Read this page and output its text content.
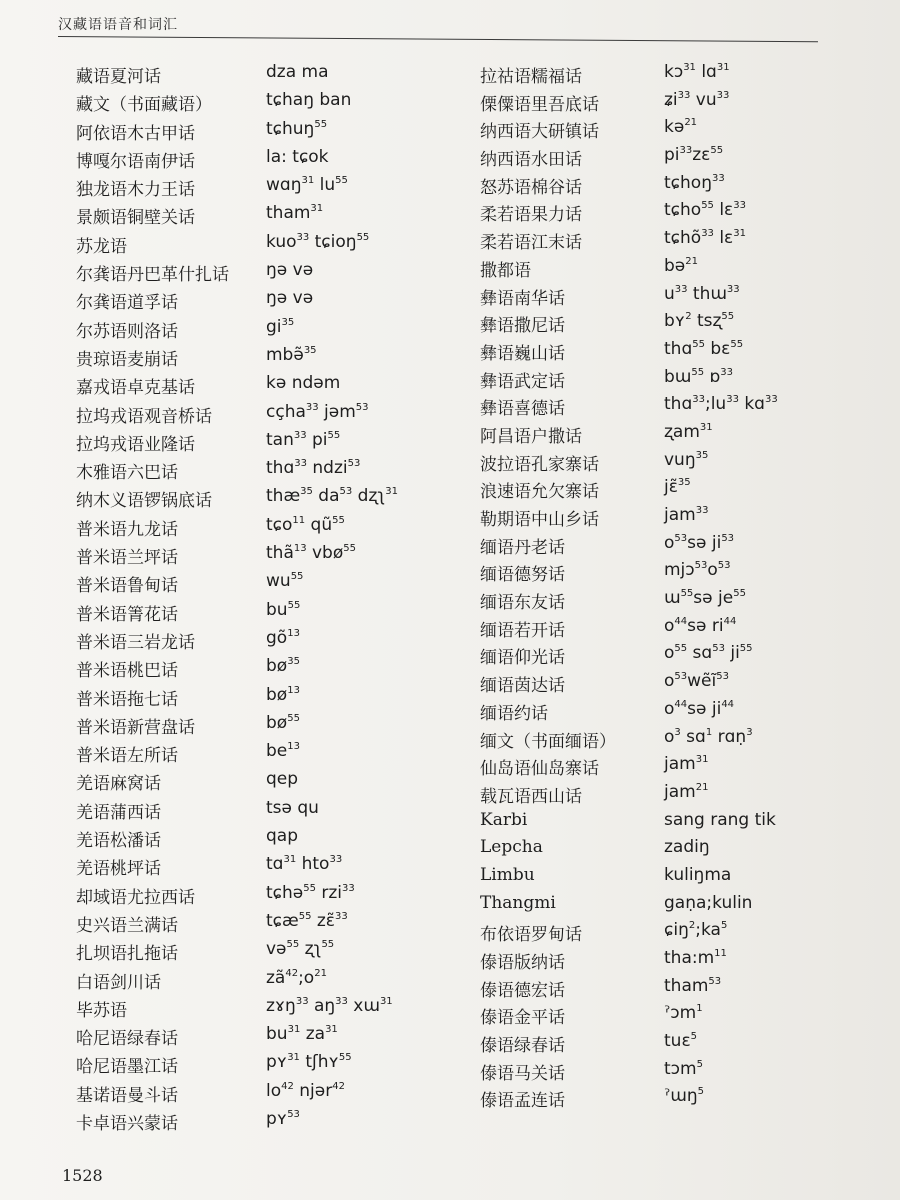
汉藏语语音和词汇
藏语夏河话	dza ma
藏文（书面藏语）	tɕhaŋ ban
阿依语木古甲话	tɕhuŋ$^{55}$
博嘎尔语南伊话	la: tɕok
独龙语木力王话	wɑŋ$^{31}$ $lu^{55}$
景颇语铜壁关话	tham$^{31}$
苏龙语	kuo$^{33}$ tɕioŋ$^{55}$
尔龚语丹巴革什扎话 ŋə və
尔龚语道孚话	ŋə və
尔苏语则洛话	$gi^{35}$
贵琼语麦崩话	mbə̃$^{35}$
嘉戎语卓克基话	kə ndəm
拉坞戎语观音桥话	cçha$^{33}$ jəm$^{53}$
拉坞戎语业隆话	$\tan^{33} pi^{55}$
木雅语六巴话	thɑ$^{33}$ ndzi$^{53}$
纳木义语锣锅底话	thæ$^{35}$ $da^{53}$ dʐʅ$^{31}$
普米语九龙话	tɕo$^{11}$ $qũ^{55}$
普米语兰坪话	thã$^{13}$ vbø$^{55}$
普米语鲁甸话	$wu^{55}$
普米语箐花话	$bu^{55}$
普米语三岩龙话	$gõ^{13}$
普米语桃巴话	$bø^{35}$
普米语拖七话	$bø^{13}$
普米语新营盘话	$bø^{55}$
普米语左所话	$be^{13}$
羌语麻窝话	qep
羌语蒲西话	tsə qu
羌语松潘话	qap
羌语桃坪话	tɑ$^{31}$ hto$^{33}$
却域语尤拉西话	tɕhə$^{55}$ rzi$^{33}$
史兴语兰满话	tɕæ$^{55}$ zɛ̃$^{33}$
扎坝语扎拖话	və$^{55}$ ʐʅ$^{55}$
白语剑川话	$zã^{42};o^{21}$
毕苏语	zɤŋ$^{33}$ $aŋ^{33}$ xɯ$^{31}$
哈尼语绿春话	$bu^{31}$ $za^{31}$
哈尼语墨江话	pʏ$^{31}$ tʃhʏ$^{55}$
基诺语曼斗话	$lo^{42}$ njər$^{42}$
卡卓语兴蒙话	pʏ$^{53}$
拉祜语糯福话	kɔ$^{31}$ lɑ$^{31}$
傈僳语里吾底话	ʑi$^{33}$ $vu^{33}$
纳西语大研镇话	kə$^{21}$
纳西语水田话	$pi^{33}zɛ^{55}$
怒苏语棉谷话	tɕhoŋ$^{33}$
柔若语果力话	tɕho$^{55}$ lɛ$^{33}$
柔若语江末话	tɕhõ$^{33}$ lɛ$^{31}$
撒都语	bə$^{21}$
彝语南华话	$u^{33}$ thɯ$^{33}$
彝语撒尼话	bʏ$^2$ tsʐ$^{55}$
彝语巍山话	thɑ$^{55}$ bɛ$^{55}$
彝语武定话	bɯ$^{55}$ ɒ$^{33}$
彝语喜德话	$thɑ^{33};lu^{33}$ kɑ$^{33}$
阿昌语户撒话	ʐam$^{31}$
波拉语孔家寨话	vuŋ$^{35}$
浪速语允欠寨话	jɛ̃$^{35}$
勒期语中山乡话	jam$^{33}$
缅语丹老话	$o^{53}sə$ $ji^{53}$
缅语德努话	$mjɔ^{53}o^{53}$
缅语东友话	ɯ$^{55}$sə $je^{55}$
缅语若开话	$o^{44}sə$ $ri^{44}$
缅语仰光话	$o^{55}$ sɑ$^{53}$ $ji^{55}$
缅语茵达话	$o^{53}wẽĩ^{53}$
缅语约话	$o^{44}sə$ $ji^{44}$
缅文（书面缅语）	$o^3$ sɑ$^1$ rɑṇ$^3$
仙岛语仙岛寨话	jam$^{31}$
载瓦语西山话	jam$^{21}$
Karbi	sang rang tik
Lepcha	zadiŋ
Limbu	kuliŋma
Thangmi	gaṇa;kulin
布依语罗甸话	$ɕiŋ^2;ka^5$
傣语版纳话	$tha:m^{11}$
傣语德宏话	tham$^{53}$
傣语金平话	ˀɔm$^1$
傣语绿春话	tuɛ$^5$
傣语马关话	tɔm$^5$
傣语孟连话	ˀɯŋ$^5$
1528
